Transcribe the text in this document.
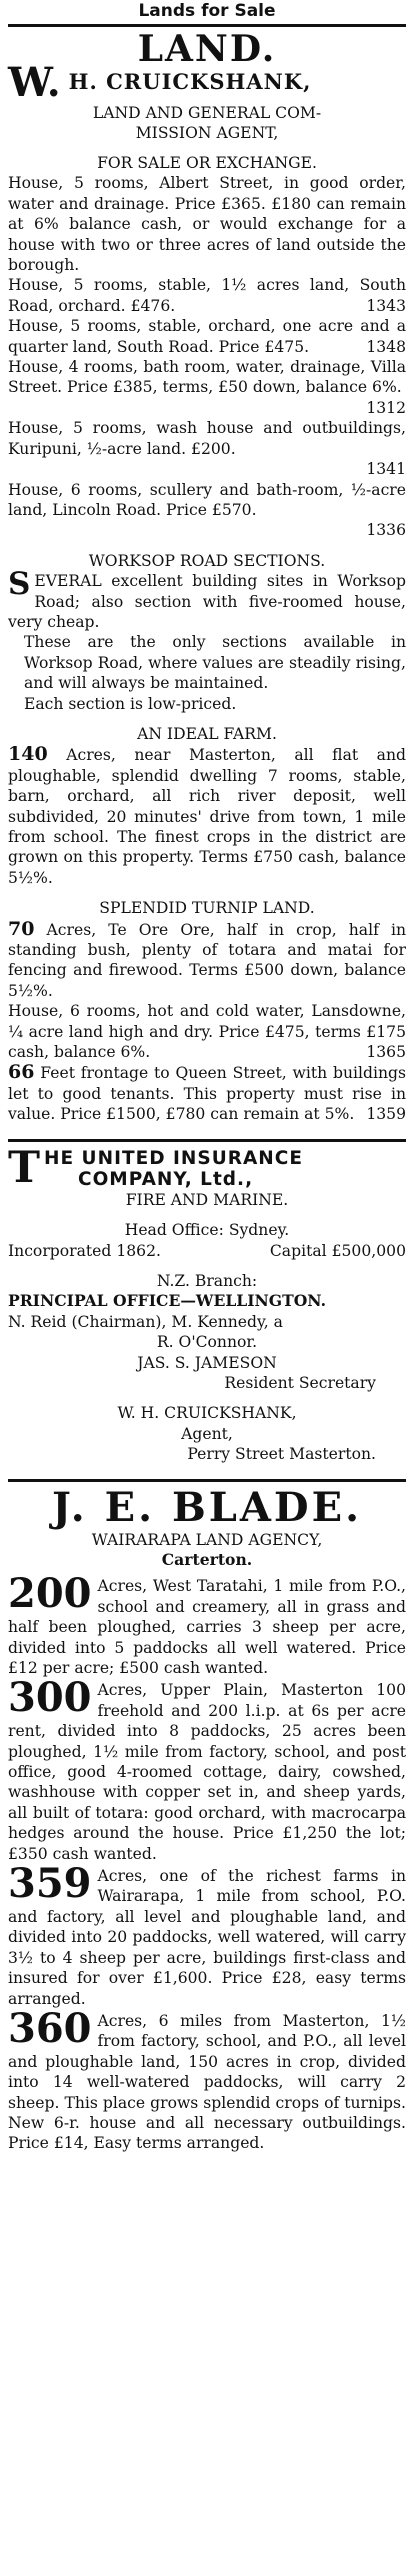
Lands for Sale
LAND.
W. H. CRUICKSHANK,
LAND AND GENERAL COM-
MISSION AGENT,
FOR SALE OR EXCHANGE.
House, 5 rooms, Albert Street, in good order, water and drainage. Price £365. £180 can remain at 6% balance cash, or would exchange for a house with two or three acres of land outside the borough.
House, 5 rooms, stable, 1½ acres land, South Road, orchard. £476.	1343
House, 5 rooms, stable, orchard, one acre and a quarter land, South Road. Price £475.	1348
House, 4 rooms, bath room, water, drainage, Villa Street. Price £385, terms, £50 down, balance 6%.
1312
House, 5 rooms, wash house and outbuildings, Kuripuni, ½-acre land. £200.
1341
House, 6 rooms, scullery and bath-room, ½-acre land, Lincoln Road. Price £570.
1336
WORKSOP ROAD SECTIONS.
S EVERAL excellent building sites in Worksop Road; also section with five-roomed house, very cheap.
These are the only sections available in Worksop Road, where values are steadily rising, and will always be maintained.
Each section is low-priced.
AN IDEAL FARM.
140 Acres, near Masterton, all flat and ploughable, splendid dwelling 7 rooms, stable, barn, orchard, all rich river deposit, well subdivided, 20 minutes' drive from town, 1 mile from school. The finest crops in the district are grown on this property. Terms £750 cash, balance 5½%.
SPLENDID TURNIP LAND.
70 Acres, Te Ore Ore, half in crop, half in standing bush, plenty of totara and matai for fencing and firewood. Terms £500 down, balance 5½%.
House, 6 rooms, hot and cold water, Lansdowne, ¼ acre land high and dry. Price £475, terms £175 cash, balance 6%.	1365
66 Feet frontage to Queen Street, with buildings let to good tenants. This property must rise in value. Price £1500, £780 can remain at 5%. 1359
T HE UNITED INSURANCE
COMPANY, Ltd.,
FIRE AND MARINE.
Head Office: Sydney.
Incorporated 1862.	Capital £500,000
N.Z. Branch:
PRINCIPAL OFFICE—WELLINGTON.
N. Reid (Chairman), M. Kennedy, a
R. O'Connor.
JAS. S. JAMESON
Resident Secretary
W. H. CRUICKSHANK,
Agent,
Perry Street Masterton.
J. E. BLADE.
WAIRARAPA LAND AGENCY,
Carterton.
200 Acres, West Taratahi, 1 mile from P.O., school and creamery, all in grass and half been ploughed, carries 3 sheep per acre, divided into 5 paddocks all well watered. Price £12 per acre; £500 cash wanted.
300 Acres, Upper Plain, Masterton 100 freehold and 200 l.i.p. at 6s per acre rent, divided into 8 paddocks, 25 acres been ploughed, 1½ mile from factory, school, and post office, good 4-roomed cottage, dairy, cowshed, washhouse with copper set in, and sheep yards, all built of totara: good orchard, with macrocarpa hedges around the house. Price £1,250 the lot; £350 cash wanted.
359 Acres, one of the richest farms in Wairarapa, 1 mile from school, P.O. and factory, all level and ploughable land, and divided into 20 paddocks, well watered, will carry 3½ to 4 sheep per acre, buildings first-class and insured for over £1,600. Price £28, easy terms arranged.
360 Acres, 6 miles from Masterton, 1½ from factory, school, and P.O., all level and ploughable land, 150 acres in crop, divided into 14 well-watered paddocks, will carry 2 sheep. This place grows splendid crops of turnips. New 6-r. house and all necessary outbuildings. Price £14, Easy terms arranged.
